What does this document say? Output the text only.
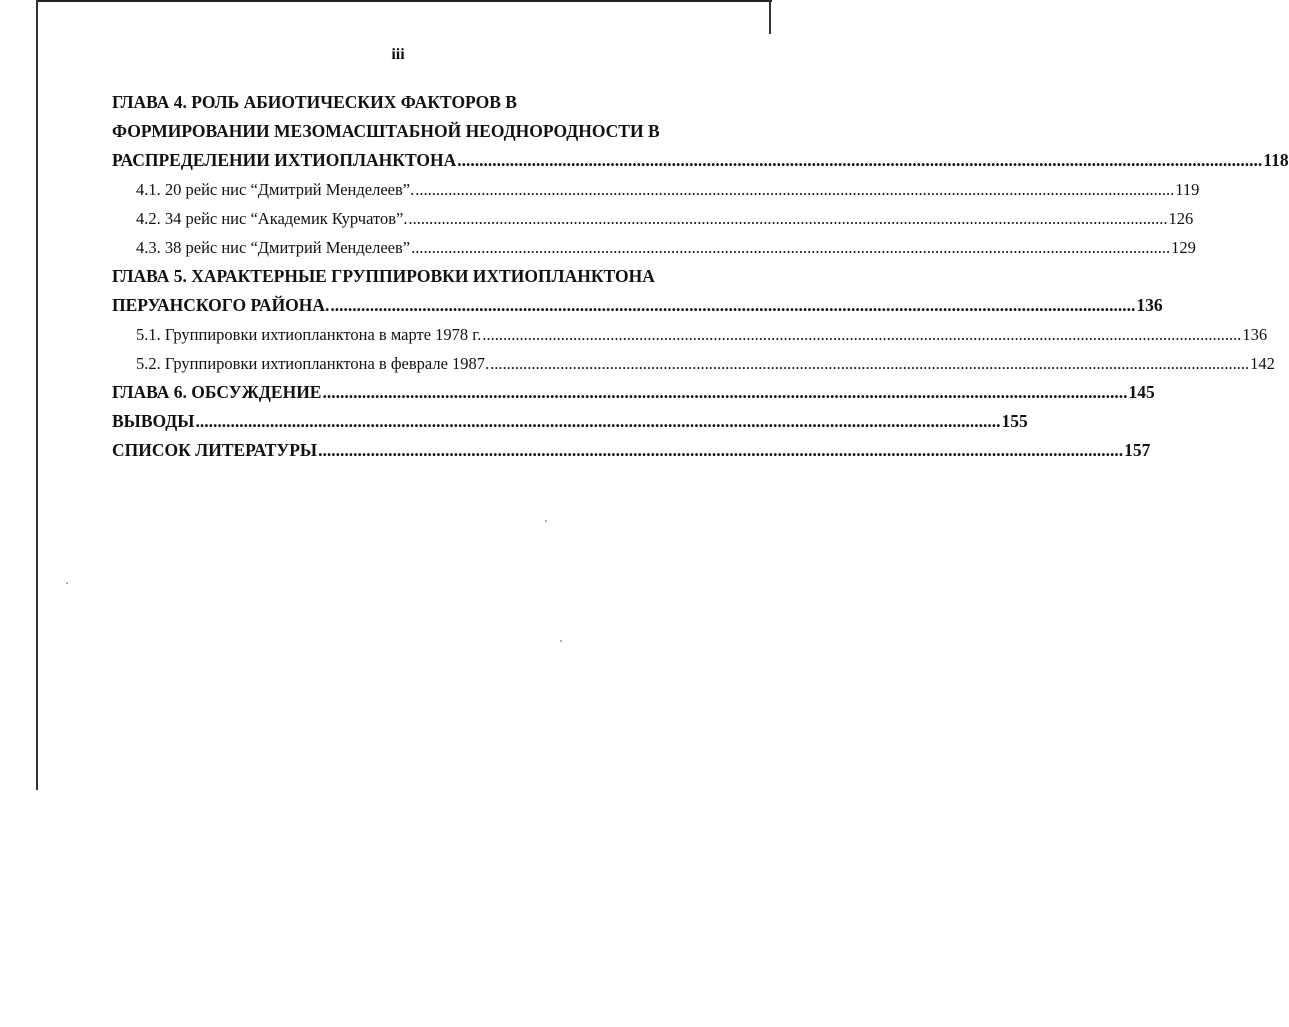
iii
ГЛАВА 4. РОЛЬ АБИОТИЧЕСКИХ ФАКТОРОВ В
ФОРМИРОВАНИИ МЕЗОМАСШТАБНОЙ НЕОДНОРОДНОСТИ В
РАСПРЕДЕЛЕНИИ ИХТИОПЛАНКТОНА ........................................................................................................................................................................................ 118
4.1. 20 рейс нис “Дмитрий Менделеев”. ........................................................................................................................................................................................ 119
4.2. 34 рейс нис “Академик Курчатов”. ........................................................................................................................................................................................ 126
4.3. 38 рейс нис “Дмитрий Менделеев” ........................................................................................................................................................................................ 129
ГЛАВА 5. ХАРАКТЕРНЫЕ ГРУППИРОВКИ ИХТИОПЛАНКТОНА
ПЕРУАНСКОГО РАЙОНА. ........................................................................................................................................................................................ 136
5.1. Группировки ихтиопланктона в марте 1978 г. ........................................................................................................................................................................................ 136
5.2. Группировки ихтиопланктона в феврале 1987. ........................................................................................................................................................................................ 142
ГЛАВА 6. ОБСУЖДЕНИЕ ........................................................................................................................................................................................ 145
ВЫВОДЫ ........................................................................................................................................................................................ 155
СПИСОК ЛИТЕРАТУРЫ ........................................................................................................................................................................................ 157
